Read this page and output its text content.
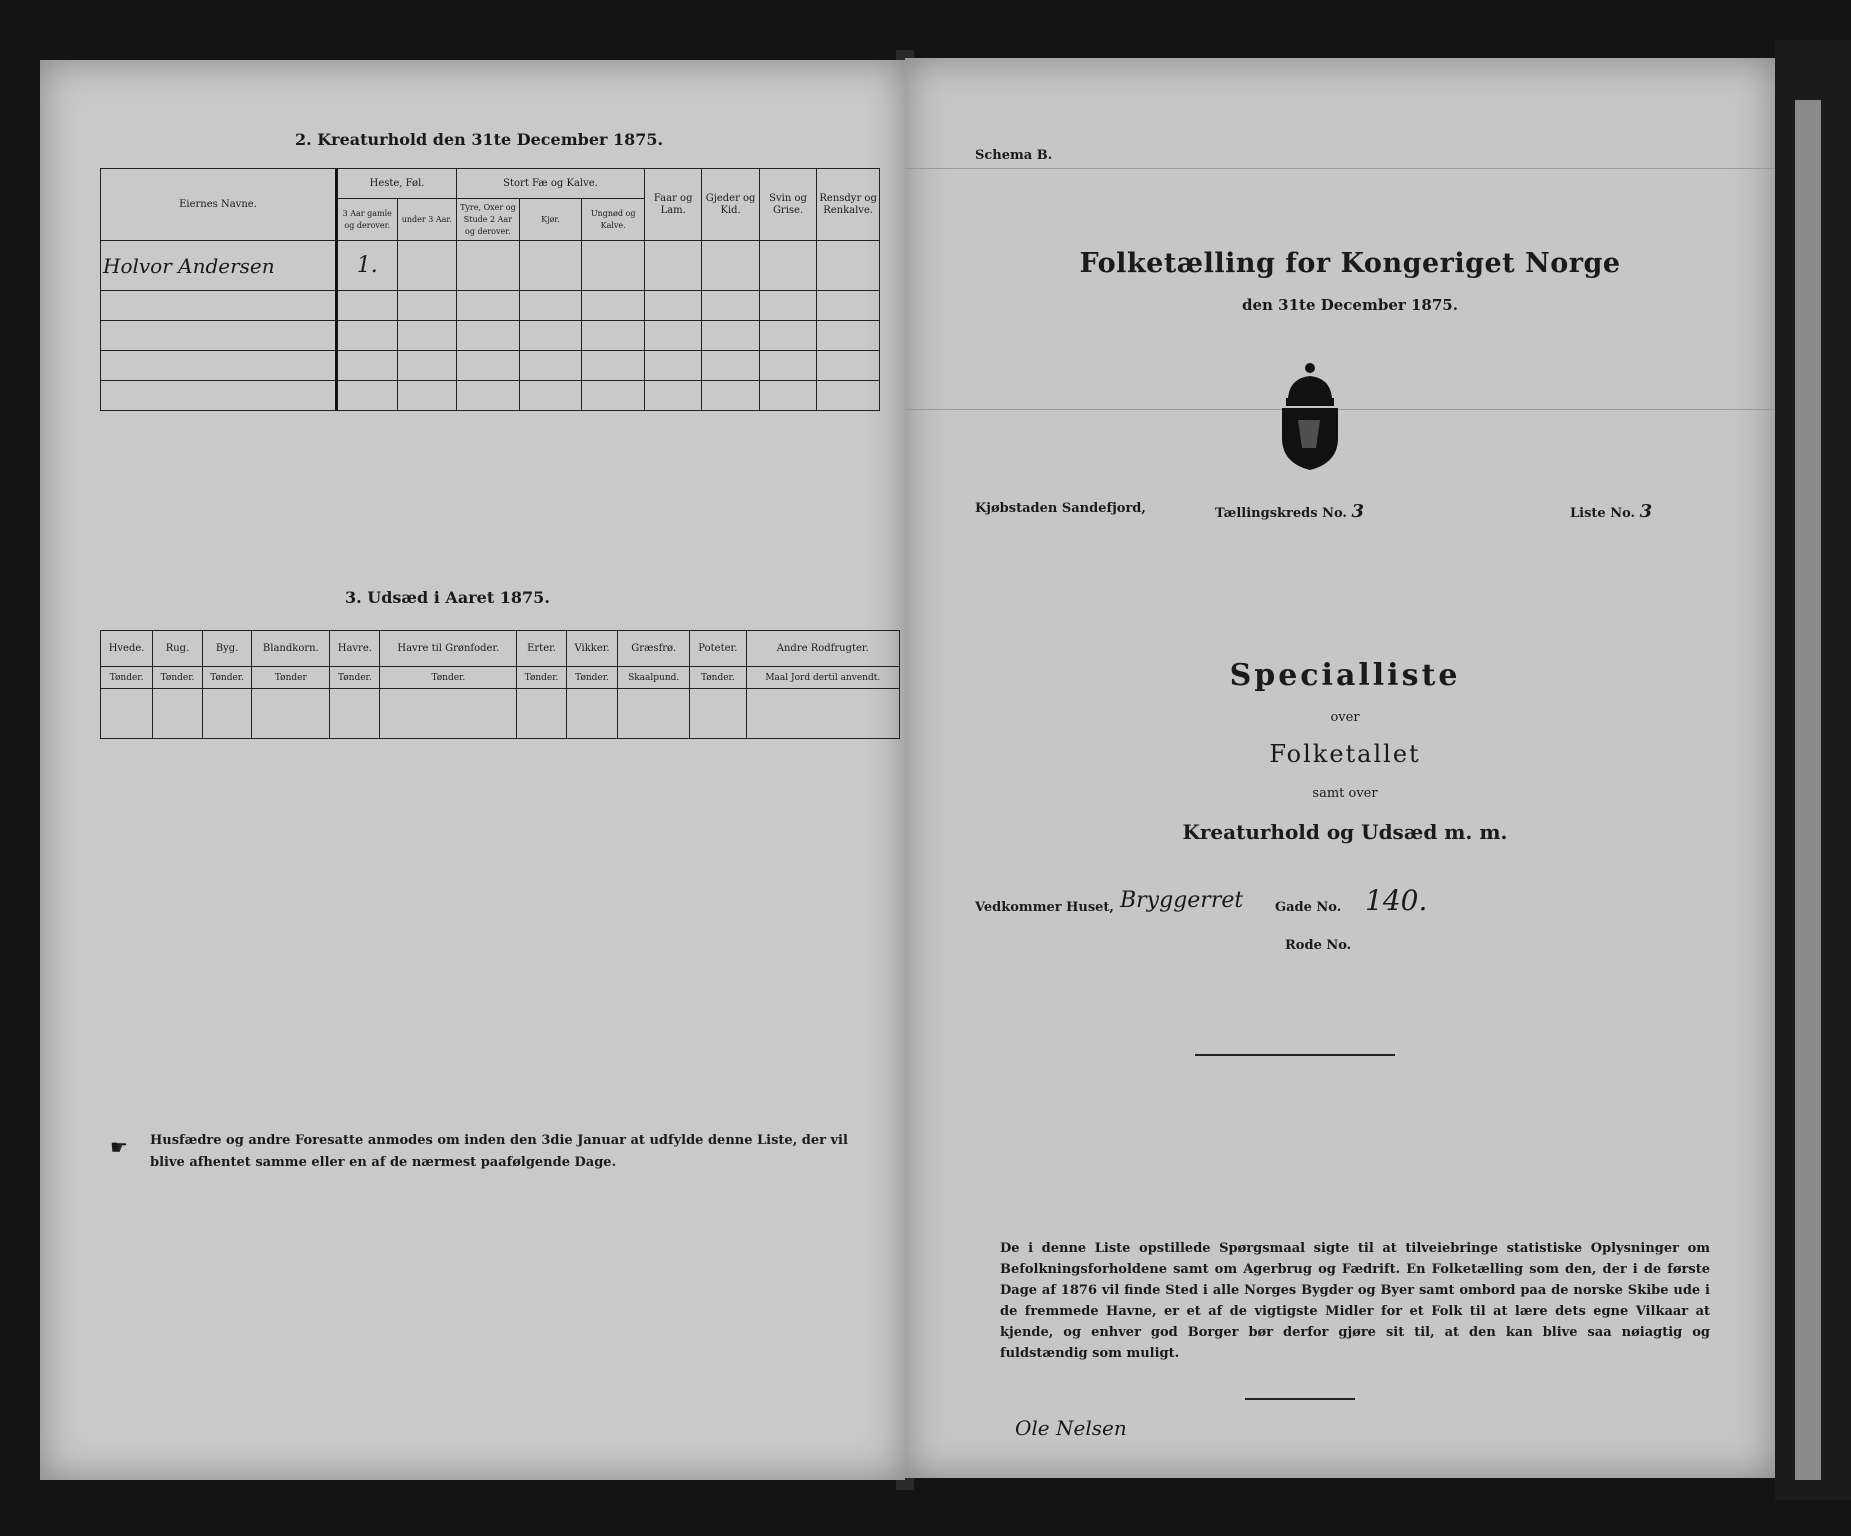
2. Kreaturhold den 31te December 1875.
Eiernes Navne.	Heste, Føl.		Stort Fæ og Kalve.			Faar og Lam.	Gjeder og Kid.	Svin og Grise.	Rensdyr og Renkalve.
	3 Aar gamle og derover.	under 3 Aar.	Tyre, Oxer og Stude 2 Aar og derover.	Kjør.	Ungnød og Kalve.				
Holvor Andersen	1.								

3. Udsæd i Aaret 1875.
Hvede.	Rug.	Byg.	Blandkorn.	Havre.	Havre til Grønfoder.	Erter.	Vikker.	Græsfrø.	Poteter.	Andre Rodfrugter.
Tønder.	Tønder.	Tønder.	Tønder	Tønder.	Tønder.	Tønder.	Tønder.	Skaalpund.	Tønder.	Maal Jord dertil anvendt.

☛ Husfædre og andre Foresatte anmodes om inden den 3die Januar at udfylde denne Liste, der vil blive afhentet samme eller en af de nærmest paafølgende Dage.
Schema B.
Folketælling for Kongeriget Norge
den 31te December 1875.
Kjøbstaden Sandefjord,	Tællingskreds No. 3	Liste No. 3
Specialliste
over
Folketallet
samt over
Kreaturhold og Udsæd m. m.
Vedkommer Huset, Bryggerret Gade No. 140.
Rode No.
De i denne Liste opstillede Spørgsmaal sigte til at tilveiebringe statistiske Oplysninger om Befolkningsforholdene samt om Agerbrug og Fædrift. En Folketælling som den, der i de første Dage af 1876 vil finde Sted i alle Norges Bygder og Byer samt ombord paa de norske Skibe ude i de fremmede Havne, er et af de vigtigste Midler for et Folk til at lære dets egne Vilkaar at kjende, og enhver god Borger bør derfor gjøre sit til, at den kan blive saa nøiagtig og fuldstændig som muligt.
Ole Nelsen
